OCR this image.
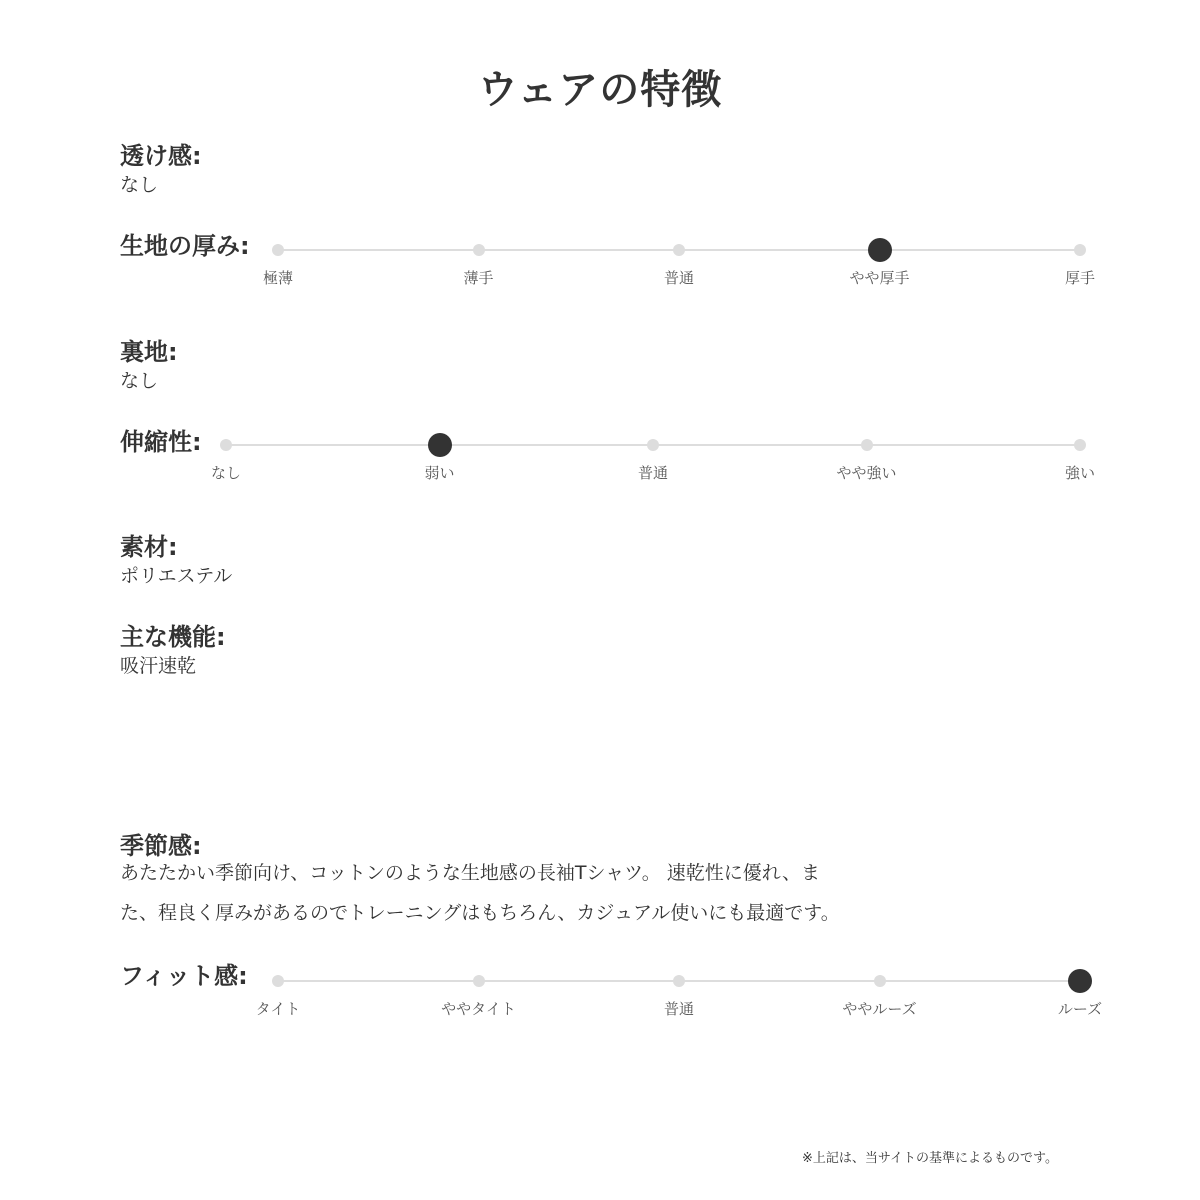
ウェアの特徴
透け感:
なし
生地の厚み:
極薄	薄手	普通	やや厚手	厚手
裏地:
なし
伸縮性:
なし	弱い	普通	やや強い	強い
素材:
ポリエステル
主な機能:
吸汗速乾
季節感:
あたたかい季節向け、コットンのような生地感の長袖Tシャツ。 速乾性に優れ、ま
た、程良く厚みがあるのでトレーニングはもちろん、カジュアル使いにも最適です。
フィット感:
タイト	ややタイト	普通	ややルーズ	ルーズ
※上記は、当サイトの基準によるものです。
